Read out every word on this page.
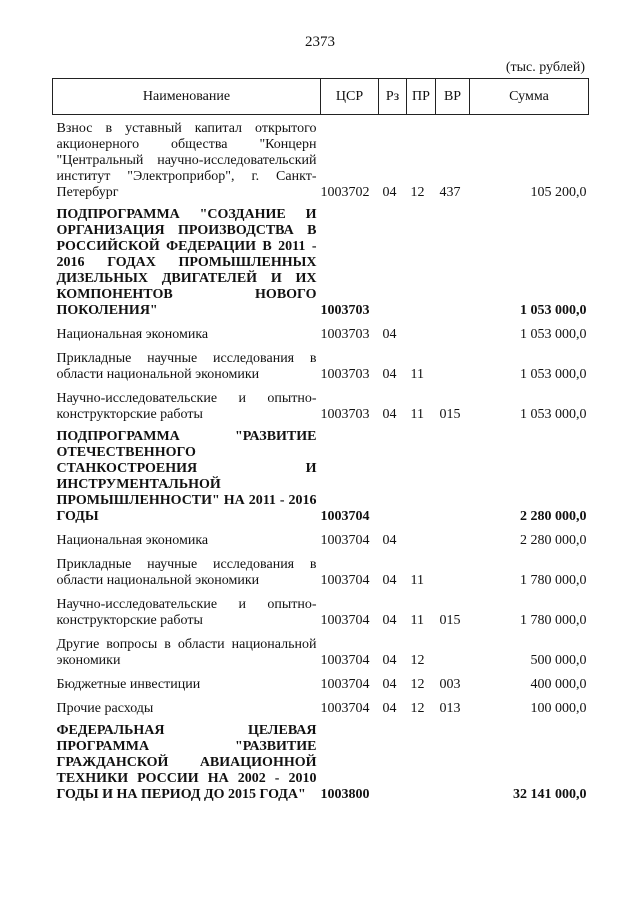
2373
(тыс. рублей)
Наименование	ЦСР	Рз	ПР	ВР	Сумма
Взнос в уставный капитал открытого акционерного общества "Концерн "Центральный научно-исследовательский институт "Электроприбор", г. Санкт-Петербург	1003702	04	12	437	105 200,0
ПОДПРОГРАММА "СОЗДАНИЕ И ОРГАНИЗАЦИЯ ПРОИЗВОДСТВА В РОССИЙСКОЙ ФЕДЕРАЦИИ В 2011 - 2016 ГОДАХ ПРОМЫШЛЕННЫХ ДИЗЕЛЬНЫХ ДВИГАТЕЛЕЙ И ИХ КОМПОНЕНТОВ НОВОГО ПОКОЛЕНИЯ"	1003703				1 053 000,0
Национальная экономика	1003703	04			1 053 000,0
Прикладные научные исследования в области национальной экономики	1003703	04	11		1 053 000,0
Научно-исследовательские и опытно-конструкторские работы	1003703	04	11	015	1 053 000,0
ПОДПРОГРАММА "РАЗВИТИЕ ОТЕЧЕСТВЕННОГО СТАНКОСТРОЕНИЯ И ИНСТРУМЕНТАЛЬНОЙ ПРОМЫШЛЕННОСТИ" НА 2011 - 2016 ГОДЫ	1003704				2 280 000,0
Национальная экономика	1003704	04			2 280 000,0
Прикладные научные исследования в области национальной экономики	1003704	04	11		1 780 000,0
Научно-исследовательские и опытно-конструкторские работы	1003704	04	11	015	1 780 000,0
Другие вопросы в области национальной экономики	1003704	04	12		500 000,0
Бюджетные инвестиции	1003704	04	12	003	400 000,0
Прочие расходы	1003704	04	12	013	100 000,0
ФЕДЕРАЛЬНАЯ ЦЕЛЕВАЯ ПРОГРАММА "РАЗВИТИЕ ГРАЖДАНСКОЙ АВИАЦИОННОЙ ТЕХНИКИ РОССИИ НА 2002 - 2010 ГОДЫ И НА ПЕРИОД ДО 2015 ГОДА"	1003800				32 141 000,0
